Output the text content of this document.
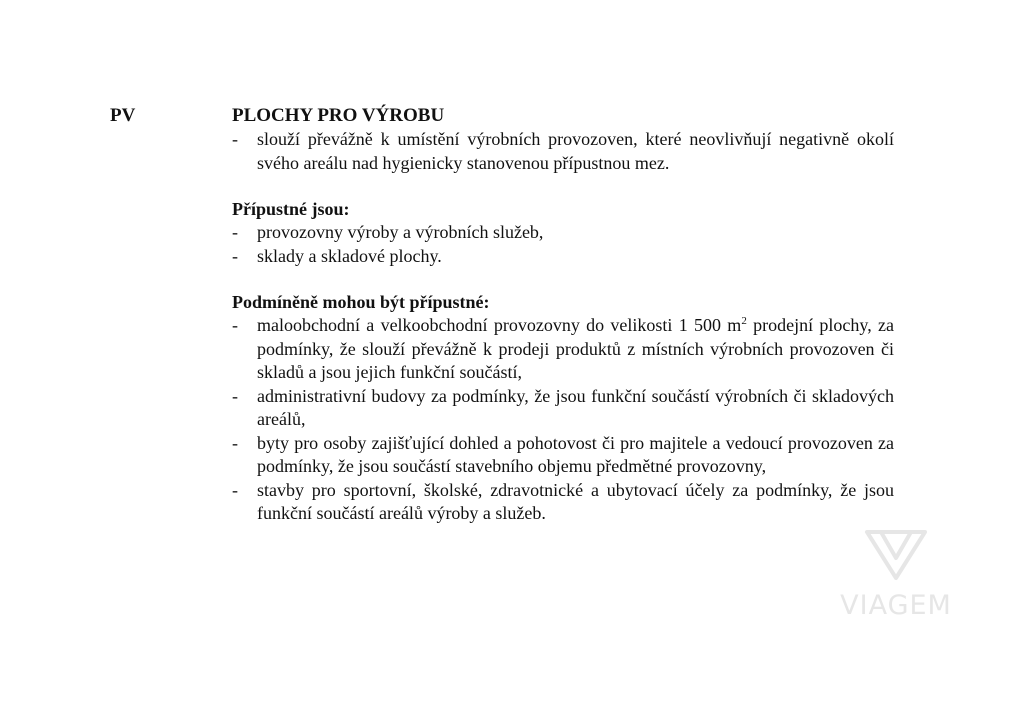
PV	PLOCHY PRO VÝROBU
- slouží převážně k umístění výrobních provozoven, které neovlivňují negativně okolí svého areálu nad hygienicky stanovenou přípustnou mez.
Přípustné jsou:
- provozovny výroby a výrobních služeb,
- sklady a skladové plochy.
Podmíněně mohou být přípustné:
- maloobchodní a velkoobchodní provozovny do velikosti 1 500 $m^2$ prodejní plochy, za podmínky, že slouží převážně k prodeji produktů z místních výrobních provozoven či skladů a jsou jejich funkční součástí,
- administrativní budovy za podmínky, že jsou funkční součástí výrobních či skladových areálů,
- byty pro osoby zajišťující dohled a pohotovost či pro majitele a vedoucí provozoven za podmínky, že jsou součástí stavebního objemu předmětné provozovny,
- stavby pro sportovní, školské, zdravotnické a ubytovací účely za podmínky, že jsou funkční součástí areálů výroby a služeb.
VIAGEM
